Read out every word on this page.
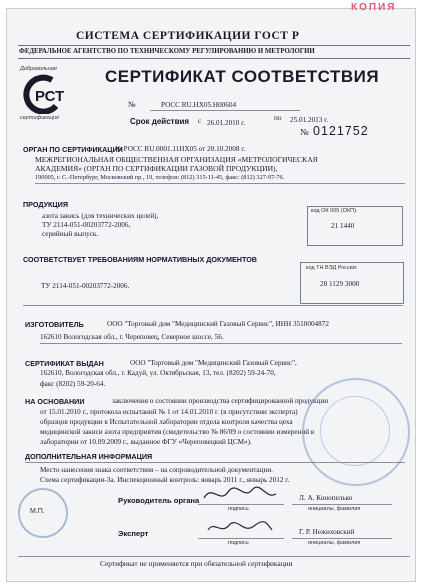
КОПИЯ
СИСТЕМА СЕРТИФИКАЦИИ ГОСТ Р
ФЕДЕРАЛЬНОЕ АГЕНТСТВО ПО ТЕХНИЧЕСКОМУ РЕГУЛИРОВАНИЮ И МЕТРОЛОГИИ
Добровольная
РСТ
сертификация
СЕРТИФИКАТ СООТВЕТСТВИЯ
№	РОСС RU.НХ05.Н00604
Срок действия с 26.01.2010 г.
по 25.01.2013 г.
№ 0121752
ОРГАН ПО СЕРТИФИКАЦИИ
№ РОСС RU.0001.11НХ05 от 20.10.2008 г.
МЕЖРЕГИОНАЛЬНАЯ ОБЩЕСТВЕННАЯ ОРГАНИЗАЦИЯ «МЕТРОЛОГИЧЕСКАЯ
АКАДЕМИЯ» (ОРГАН ПО СЕРТИФИКАЦИИ ГАЗОВОЙ ПРОДУКЦИИ),
190005, г. С.-Петербург, Московский пр., 19, телефон: (812) 315-11-45, факс: (812) 327-97-76.
ПРОДУКЦИЯ
азота закись (для технических целей),
ТУ 2114-051-00203772-2006,
серийный выпуск.
код ОК 005 (ОКП):
21 1440
СООТВЕТСТВУЕТ ТРЕБОВАНИЯМ НОРМАТИВНЫХ ДОКУМЕНТОВ
код ТН ВЭД России:
28 1129 3000
ТУ 2114-051-00203772-2006.
ИЗГОТОВИТЕЛЬ	ООО "Торговый дом "Медицинский Газовый Сервис", ИНН 3510004872
162610 Вологодская обл., г. Череповец, Северное шоссе, 56.
СЕРТИФИКАТ ВЫДАН	ООО "Торговый дом "Медицинский Газовый Сервис",
162610, Вологодская обл., г. Кадуй, ул. Октябрьская, 13, тел. (8202) 59-24-70,
факс (8202) 59-20-64.
НА ОСНОВАНИИ	заключения о состоянии производства сертифицированной продукции
от 15.01.2010 г., протокола испытаний № 1 от 14.01.2010 г. (в присутствии эксперта)
образцов продукции в Испытательной лаборатории отдела контроля качества цеха
медицинской закиси азота предприятия (свидетельство № 86/09 о состоянии измерений в
лаборатории от 10.09.2009 г., выданное ФГУ «Череповецкий ЦСМ»).
ДОПОЛНИТЕЛЬНАЯ ИНФОРМАЦИЯ
Место нанесения знака соответствия – на сопроводительной документации.
Схема сертификации-3а. Инспекционный контроль: январь 2011 г., январь 2012 г.
М.П.
Руководитель органа
подпись
Л. А. Конопелько
инициалы, фамилия
Эксперт
подпись
Г. Р. Нежиховский
инициалы, фамилия
Сертификат не применяется при обязательной сертификации
